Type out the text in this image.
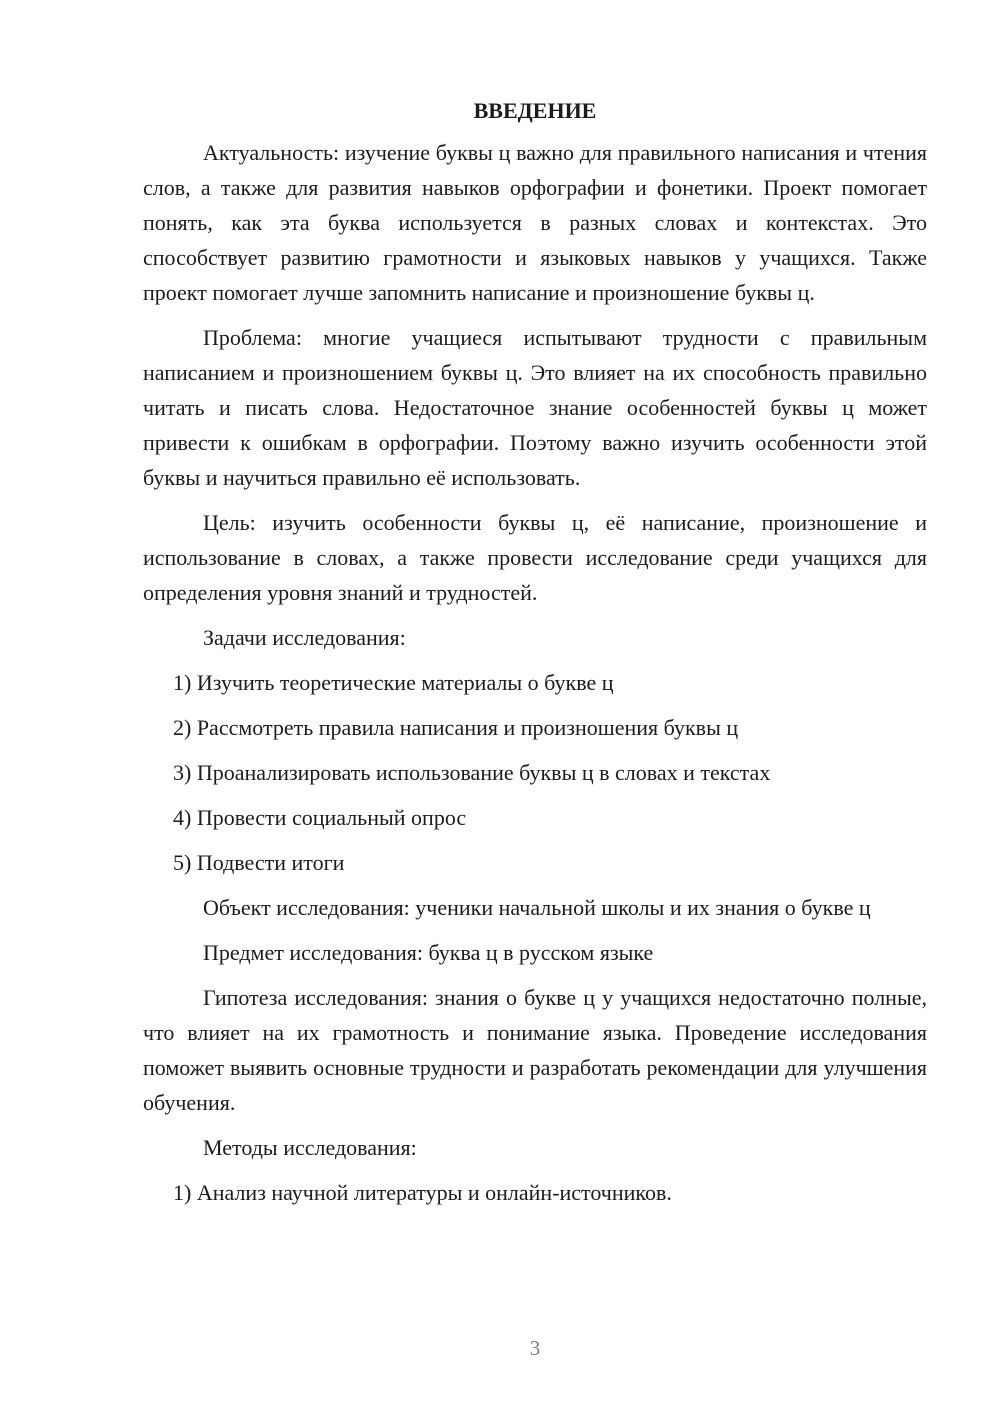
ВВЕДЕНИЕ
Актуальность: изучение буквы ц важно для правильного написания и чтения слов, а также для развития навыков орфографии и фонетики. Проект помогает понять, как эта буква используется в разных словах и контекстах. Это способствует развитию грамотности и языковых навыков у учащихся. Также проект помогает лучше запомнить написание и произношение буквы ц.
Проблема: многие учащиеся испытывают трудности с правильным написанием и произношением буквы ц. Это влияет на их способность правильно читать и писать слова. Недостаточное знание особенностей буквы ц может привести к ошибкам в орфографии. Поэтому важно изучить особенности этой буквы и научиться правильно её использовать.
Цель: изучить особенности буквы ц, её написание, произношение и использование в словах, а также провести исследование среди учащихся для определения уровня знаний и трудностей.
Задачи исследования:
1) Изучить теоретические материалы о букве ц
2) Рассмотреть правила написания и произношения буквы ц
3) Проанализировать использование буквы ц в словах и текстах
4) Провести социальный опрос
5) Подвести итоги
Объект исследования: ученики начальной школы и их знания о букве ц
Предмет исследования: буква ц в русском языке
Гипотеза исследования: знания о букве ц у учащихся недостаточно полные, что влияет на их грамотность и понимание языка. Проведение исследования поможет выявить основные трудности и разработать рекомендации для улучшения обучения.
Методы исследования:
1) Анализ научной литературы и онлайн-источников.
3
